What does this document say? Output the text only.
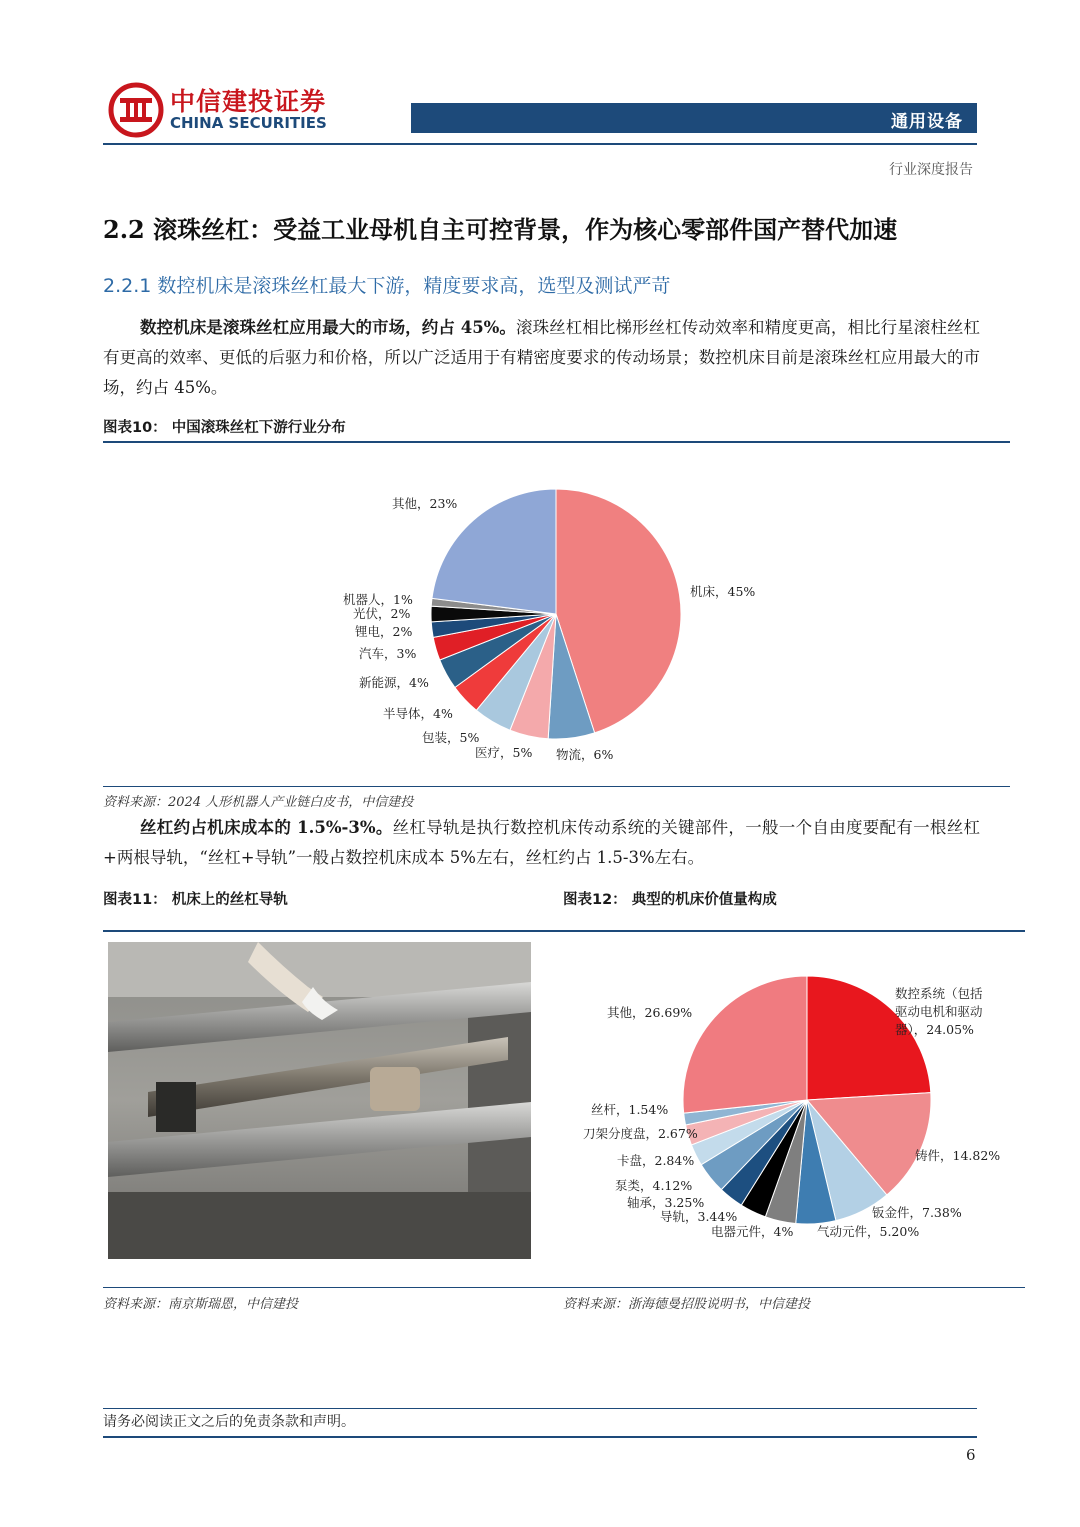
中信建投证券
CHINA SECURITIES	通用设备
行业深度报告
2.2 滚珠丝杠：受益工业母机自主可控背景，作为核心零部件国产替代加速
2.2.1 数控机床是滚珠丝杠最大下游，精度要求高，选型及测试严苛
数控机床是滚珠丝杠应用最大的市场，约占 45%。滚珠丝杠相比梯形丝杠传动效率和精度更高，相比行星滚柱丝杠有更高的效率、更低的后驱力和价格，所以广泛适用于有精密度要求的传动场景；数控机床目前是滚珠丝杠应用最大的市场，约占 45%。
图表10： 中国滚珠丝杠下游行业分布
机床，45%
物流，6%
医疗，5%
包装，5%
半导体，4%
新能源，4%
汽车，3%
锂电，2%
光伏，2%
机器人，1%
其他，23%
资料来源：2024 人形机器人产业链白皮书，中信建投
丝杠约占机床成本的 1.5%-3%。丝杠导轨是执行数控机床传动系统的关键部件，一般一个自由度要配有一根丝杠+两根导轨，“丝杠+导轨”一般占数控机床成本 5%左右，丝杠约占 1.5-3%左右。
图表11： 机床上的丝杠导轨	图表12： 典型的机床价值量构成
数控系统（包括驱动电机和驱动器），24.05%
铸件，14.82%
钣金件，7.38%
气动元件，5.20%
电器元件，4%
导轨，3.44%
轴承，3.25%
泵类，4.12%
卡盘，2.84%
刀架分度盘，2.67%
丝杆，1.54%
其他，26.69%
资料来源：南京斯瑞恩，中信建投	资料来源：浙海德曼招股说明书，中信建投
请务必阅读正文之后的免责条款和声明。
6
